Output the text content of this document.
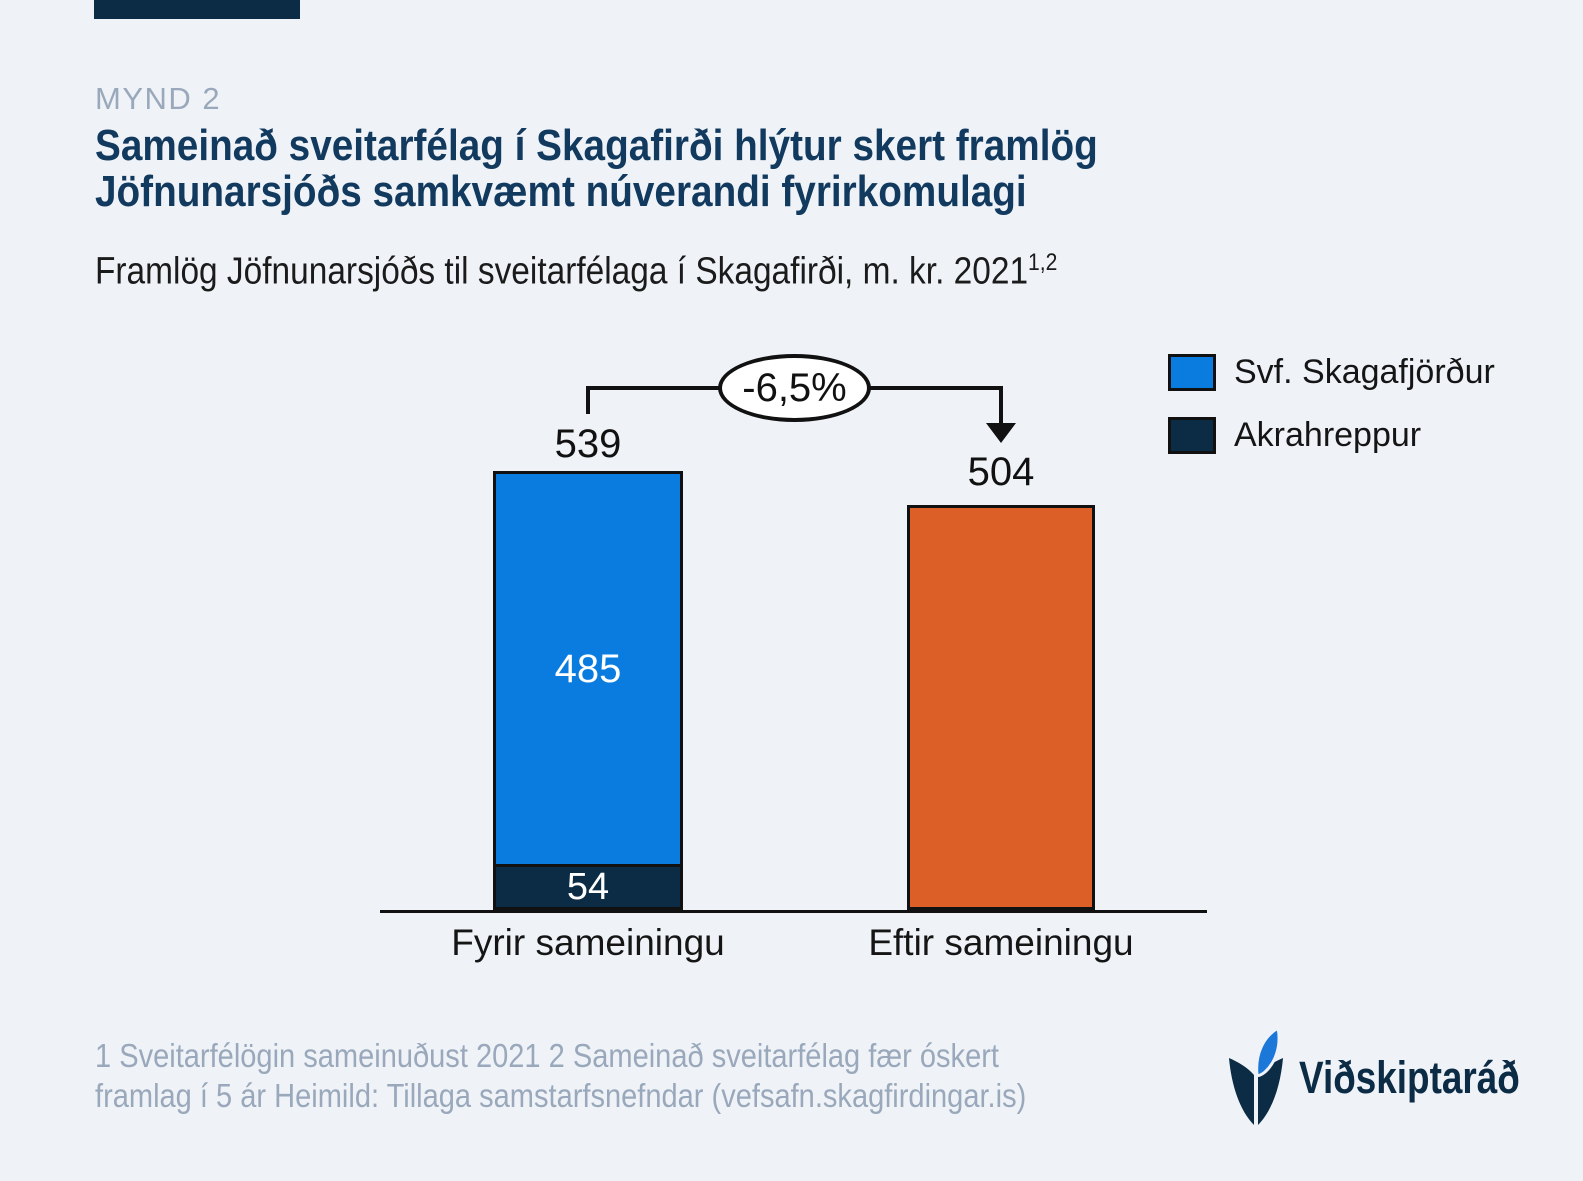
MYND 2
Sameinað sveitarfélag í Skagafirði hlýtur skert framlög
Jöfnunarsjóðs samkvæmt núverandi fyrirkomulagi
Framlög Jöfnunarsjóðs til sveitarfélaga í Skagafirði, m. kr. 2021$^{1,2}$
-6,5%	Svf. Skagafjörður
Akrahreppur
539
504
485
54
Fyrir sameiningu	Eftir sameiningu
1 Sveitarfélögin sameinuðust 2021 2 Sameinað sveitarfélag fær óskert
framlag í 5 ár Heimild: Tillaga samstarfsnefndar (vefsafn.skagfirdingar.is)	Viðskiptaráð
